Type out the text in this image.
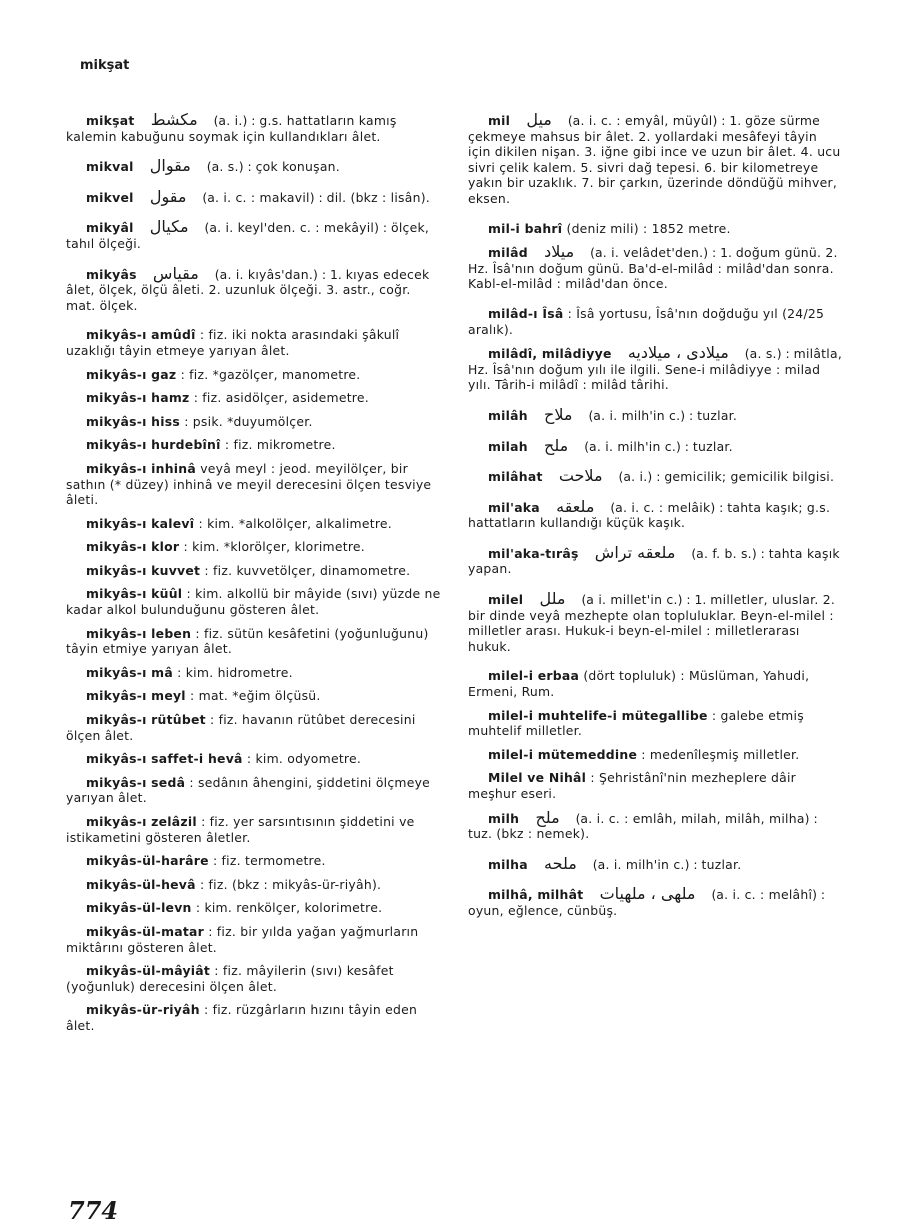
mikşat
mikşat مكشط (a. i.) : g.s. hattatların kamış kalemin kabuğunu soymak için kullandıkları âlet.
mikval مقوال (a. s.) : çok konuşan.
mikvel مقول (a. i. c. : makavil) : dil. (bkz : lisân).
mikyâl مكيال (a. i. keyl'den. c. : mekâyil) : ölçek, tahıl ölçeği.
mikyâs مقياس (a. i. kıyâs'dan.) : 1. kıyas edecek âlet, ölçek, ölçü âleti. 2. uzunluk ölçeği. 3. astr., coğr. mat. ölçek.
mikyâs-ı amûdî : fiz. iki nokta arasındaki şâkulî uzaklığı tâyin etmeye yarıyan âlet.
mikyâs-ı gaz : fiz. *gazölçer, manometre.
mikyâs-ı hamz : fiz. asidölçer, asidemetre.
mikyâs-ı hiss : psik. *duyumölçer.
mikyâs-ı hurdebînî : fiz. mikrometre.
mikyâs-ı inhinâ veyâ meyl : jeod. meyilölçer, bir sathın (* düzey) inhinâ ve meyil derecesini ölçen tesviye âleti.
mikyâs-ı kalevî : kim. *alkolölçer, alkalimetre.
mikyâs-ı klor : kim. *klorölçer, klorimetre.
mikyâs-ı kuvvet : fiz. kuvvetölçer, dinamometre.
mikyâs-ı küûl : kim. alkollü bir mâyide (sıvı) yüzde ne kadar alkol bulunduğunu gösteren âlet.
mikyâs-ı leben : fiz. sütün kesâfetini (yoğunluğunu) tâyin etmiye yarıyan âlet.
mikyâs-ı mâ : kim. hidrometre.
mikyâs-ı meyl : mat. *eğim ölçüsü.
mikyâs-ı rütûbet : fiz. havanın rütûbet derecesini ölçen âlet.
mikyâs-ı saffet-i hevâ : kim. odyometre.
mikyâs-ı sedâ : sedânın âhengini, şiddetini ölçmeye yarıyan âlet.
mikyâs-ı zelâzil : fiz. yer sarsıntısının şiddetini ve istikametini gösteren âletler.
mikyâs-ül-harâre : fiz. termometre.
mikyâs-ül-hevâ : fiz. (bkz : mikyâs-ür-riyâh).
mikyâs-ül-levn : kim. renkölçer, kolorimetre.
mikyâs-ül-matar : fiz. bir yılda yağan yağmurların miktârını gösteren âlet.
mikyâs-ül-mâyiât : fiz. mâyilerin (sıvı) kesâfet (yoğunluk) derecesini ölçen âlet.
mikyâs-ür-riyâh : fiz. rüzgârların hızını tâyin eden âlet.
mil ميل (a. i. c. : emyâl, müyûl) : 1. göze sürme çekmeye mahsus bir âlet. 2. yollardaki mesâfeyi tâyin için dikilen nişan. 3. iğne gibi ince ve uzun bir âlet. 4. ucu sivri çelik kalem. 5. sivri dağ tepesi. 6. bir kilometreye yakın bir uzaklık. 7. bir çarkın, üzerinde döndüğü mihver, eksen.
mil-i bahrî (deniz mili) : 1852 metre.
milâd ميلاد (a. i. velâdet'den.) : 1. doğum günü. 2. Hz. Îsâ'nın doğum günü. Ba'd-el-milâd : milâd'dan sonra. Kabl-el-milâd : milâd'dan önce.
milâd-ı Îsâ : Îsâ yortusu, Îsâ'nın doğduğu yıl (24/25 aralık).
milâdî, milâdiyye ميلادى ، ميلاديه (a. s.) : milâtla, Hz. Îsâ'nın doğum yılı ile ilgili. Sene-i milâdiyye : milad yılı. Târih-i milâdî : milâd târihi.
milâh ملاح (a. i. milh'in c.) : tuzlar.
milah ملح (a. i. milh'in c.) : tuzlar.
milâhat ملاحت (a. i.) : gemicilik; gemicilik bilgisi.
mil'aka ملعقه (a. i. c. : melâik) : tahta kaşık; g.s. hattatların kullandığı küçük kaşık.
mil'aka-tırâş ملعقه تراش (a. f. b. s.) : tahta kaşık yapan.
milel ملل (a i. millet'in c.) : 1. milletler, uluslar. 2. bir dinde veyâ mezhepte olan topluluklar. Beyn-el-milel : milletler arası. Hukuk-i beyn-el-milel : milletlerarası hukuk.
milel-i erbaa (dört topluluk) : Müslüman, Yahudi, Ermeni, Rum.
milel-i muhtelife-i mütegallibe : galebe etmiş muhtelif milletler.
milel-i mütemeddine : medenîleşmiş milletler.
Milel ve Nihâl : Şehristânî'nin mezheplere dâir meşhur eseri.
milh ملح (a. i. c. : emlâh, milah, milâh, milha) : tuz. (bkz : nemek).
milha ملحه (a. i. milh'in c.) : tuzlar.
milhâ, milhât ملهى ، ملهيات (a. i. c. : melâhî) : oyun, eğlence, cünbüş.
774
